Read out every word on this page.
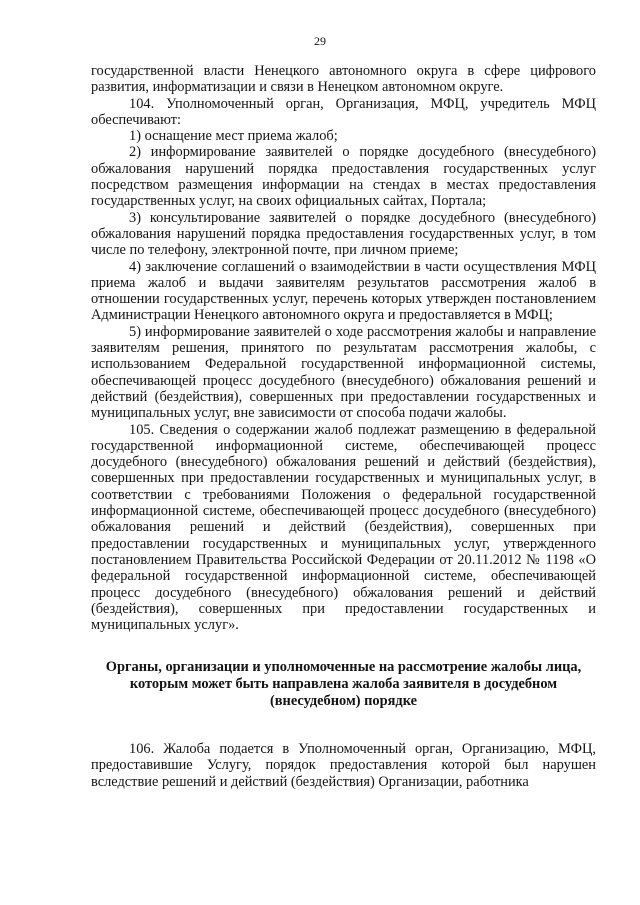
29

государственной власти Ненецкого автономного округа в сфере цифрового развития, информатизации и связи в Ненецком автономном округе.

104. Уполномоченный орган, Организация, МФЦ, учредитель МФЦ обеспечивают:

1) оснащение мест приема жалоб;

2) информирование заявителей о порядке досудебного (внесудебного) обжалования нарушений порядка предоставления государственных услуг посредством размещения информации на стендах в местах предоставления государственных услуг, на своих официальных сайтах, Портала;

3) консультирование заявителей о порядке досудебного (внесудебного) обжалования нарушений порядка предоставления государственных услуг, в том числе по телефону, электронной почте, при личном приеме;

4) заключение соглашений о взаимодействии в части осуществления МФЦ приема жалоб и выдачи заявителям результатов рассмотрения жалоб в отношении государственных услуг, перечень которых утвержден постановлением Администрации Ненецкого автономного округа и предоставляется в МФЦ;

5) информирование заявителей о ходе рассмотрения жалобы и направление заявителям решения, принятого по результатам рассмотрения жалобы, с использованием Федеральной государственной информационной системы, обеспечивающей процесс досудебного (внесудебного) обжалования решений и действий (бездействия), совершенных при предоставлении государственных и муниципальных услуг, вне зависимости от способа подачи жалобы.

105. Сведения о содержании жалоб подлежат размещению в федеральной государственной информационной системе, обеспечивающей процесс досудебного (внесудебного) обжалования решений и действий (бездействия), совершенных при предоставлении государственных и муниципальных услуг, в соответствии с требованиями Положения о федеральной государственной информационной системе, обеспечивающей процесс досудебного (внесудебного) обжалования решений и действий (бездействия), совершенных при предоставлении государственных и муниципальных услуг, утвержденного постановлением Правительства Российской Федерации от 20.11.2012 № 1198 «О федеральной государственной информационной системе, обеспечивающей процесс досудебного (внесудебного) обжалования решений и действий (бездействия), совершенных при предоставлении государственных и муниципальных услуг».

Органы, организации и уполномоченные на рассмотрение жалобы лица, которым может быть направлена жалоба заявителя в досудебном (внесудебном) порядке

106. Жалоба подается в Уполномоченный орган, Организацию, МФЦ, предоставившие Услугу, порядок предоставления которой был нарушен вследствие решений и действий (бездействия) Организации, работника
